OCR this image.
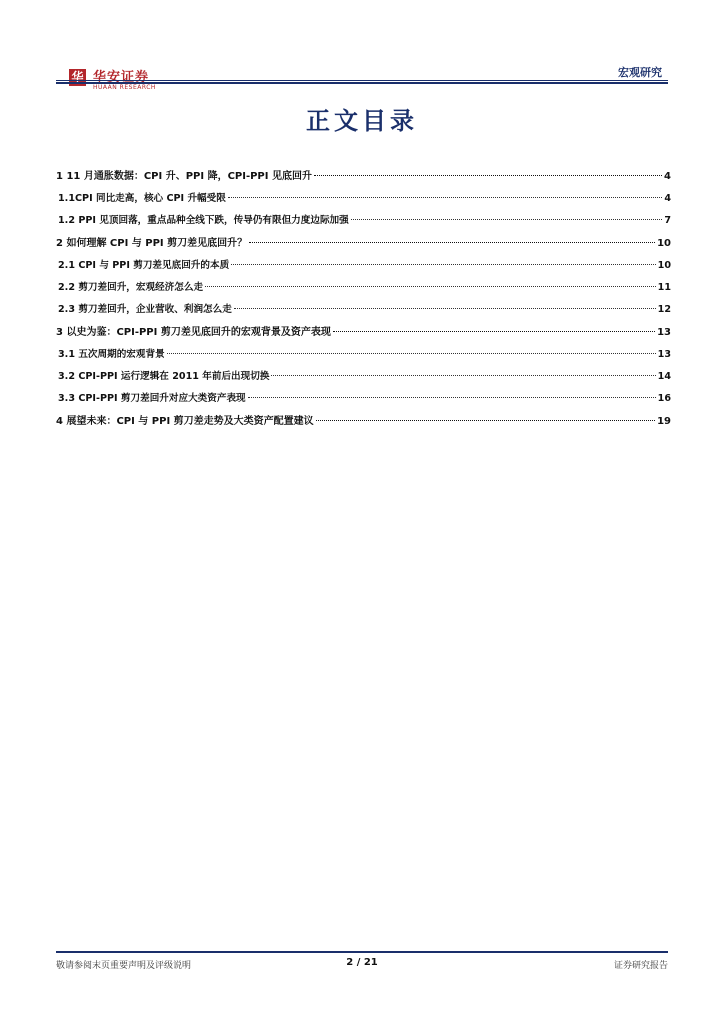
华 华安证券
HUAAN RESEARCH
宏观研究
正文目录
1 11 月通胀数据：CPI 升、PPI 降，CPI-PPI 见底回升	4
1.1CPI 同比走高，核心 CPI 升幅受限	4
1.2 PPI 见顶回落，重点品种全线下跌，传导仍有限但力度边际加强	7
2 如何理解 CPI 与 PPI 剪刀差见底回升？	10
2.1 CPI 与 PPI 剪刀差见底回升的本质	10
2.2 剪刀差回升，宏观经济怎么走	11
2.3 剪刀差回升，企业营收、利润怎么走	12
3 以史为鉴：CPI-PPI 剪刀差见底回升的宏观背景及资产表现	13
3.1 五次周期的宏观背景	13
3.2 CPI-PPI 运行逻辑在 2011 年前后出现切换	14
3.3 CPI-PPI 剪刀差回升对应大类资产表现	16
4 展望未来：CPI 与 PPI 剪刀差走势及大类资产配置建议	19
敬请参阅末页重要声明及评级说明	2 / 21	证券研究报告
